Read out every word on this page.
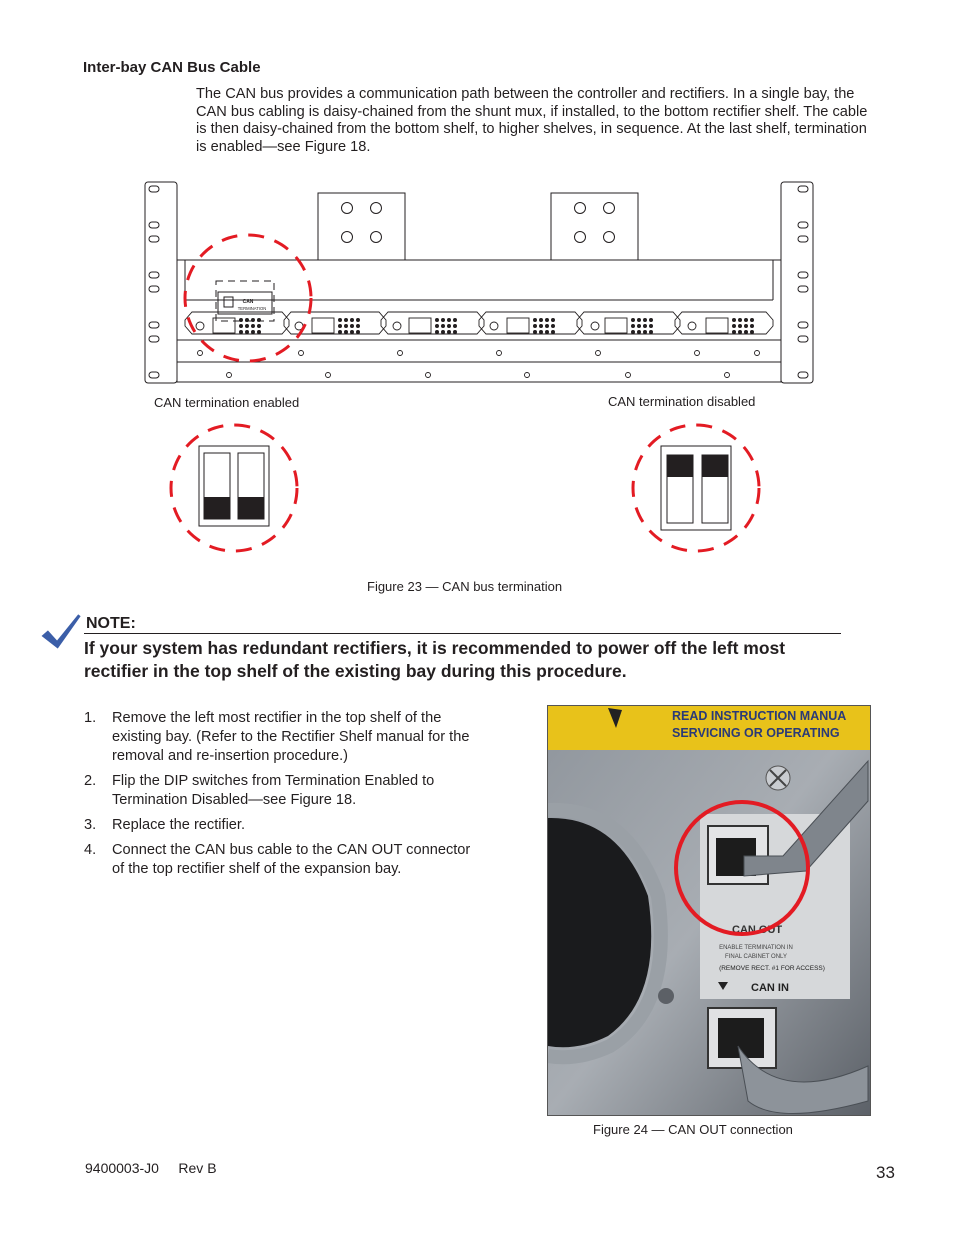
Inter-bay CAN Bus Cable
The CAN bus provides a communication path between the controller and rectifiers. In a single bay, the CAN bus cabling is daisy-chained from the shunt mux, if installed, to the bottom rectifier shelf. The cable is then daisy-chained from the bottom shelf, to higher shelves, in sequence. At the last shelf, termination is enabled—see Figure 18.
CAN
TERMINATION
CAN termination enabled	CAN termination disabled
Figure 23 — CAN bus termination
NOTE:
If your system has redundant rectifiers, it is recommended to power off the left most rectifier in the top shelf of the existing bay during this procedure.
1. Remove the left most rectifier in the top shelf of the existing bay. (Refer to the Rectifier Shelf manual for the removal and re-insertion procedure.)
2. Flip the DIP switches from Termination Enabled to Termination Disabled—see Figure 18.
3. Replace the rectifier.
4. Connect the CAN bus cable to the CAN OUT connector of the top rectifier shelf of the expansion bay.
READ INSTRUCTION MANUA
SERVICING OR OPERATING
CAN OUT
ENABLE TERMINATION IN
FINAL CABINET ONLY
(REMOVE RECT. #1 FOR ACCESS)
CAN IN
Figure 24 — CAN OUT connection
9400003-J0 Rev B	33
